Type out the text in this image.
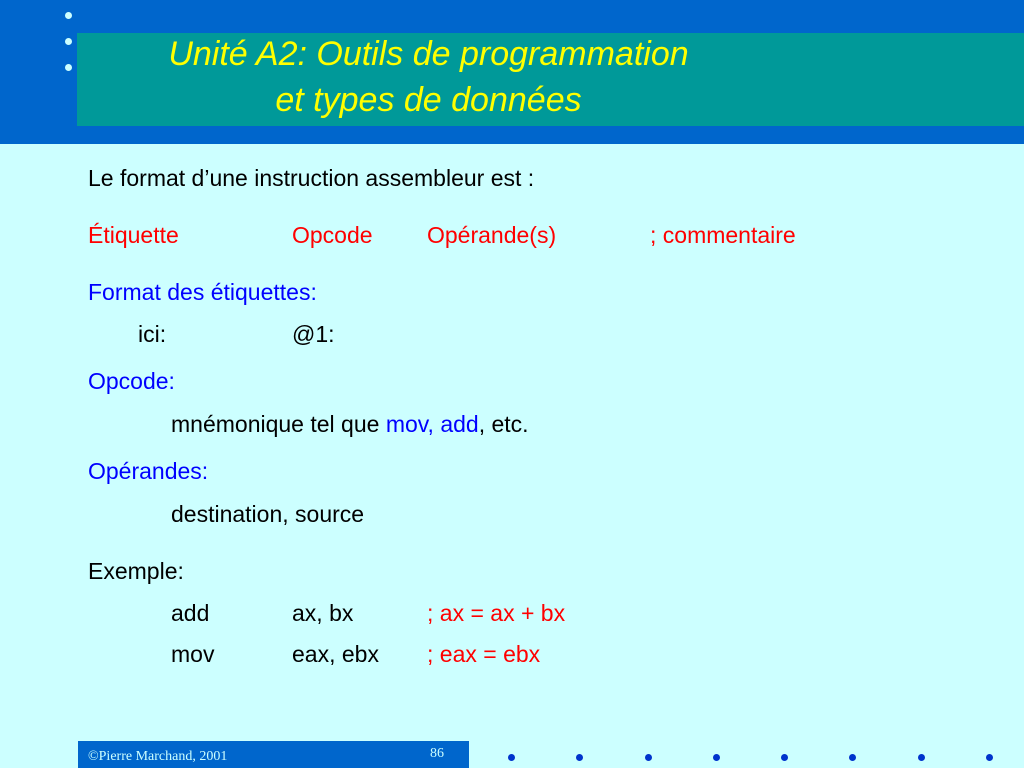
Unité A2: Outils de programmation
et types de données
Le format d’une instruction assembleur est :
Étiquette	Opcode Opérande(s)	; commentaire
Format des étiquettes:
ici:	@1:
Opcode:
mnémonique tel que mov, add, etc.
Opérandes:
destination, source
Exemple:
add	ax, bx	; ax = ax + bx
mov	eax, ebx ; eax = ebx
©Pierre Marchand, 2001	86
